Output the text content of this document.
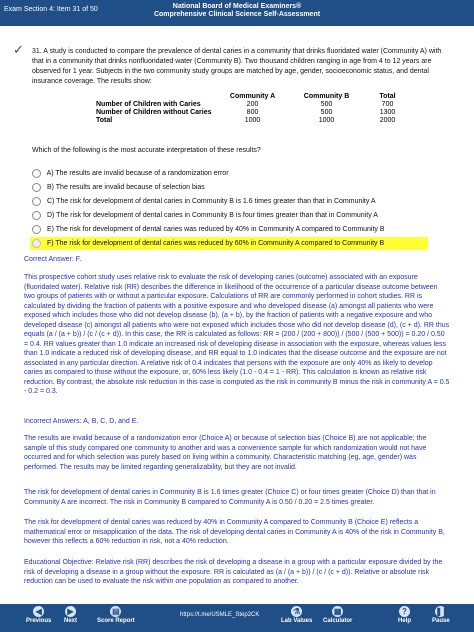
Exam Section 4: Item 31 of 50	National Board of Medical Examiners®
Comprehensive Clinical Science Self-Assessment
✓ 31. A study is conducted to compare the prevalence of dental caries in a community that drinks fluoridated water (Community A) with that in a community that drinks nonfluoridated water (Community B). Two thousand children ranging in age from 4 to 12 years are observed for 1 year. Subjects in the two community study groups are matched by age, gender, socioeconomic status, and dental insurance coverage. The results show:
	Community A	Community B	Total
Number of Children with Caries	200	500	700
Number of Children without Caries	800	500	1300
Total	1000	1000	2000
Which of the following is the most accurate interpretation of these results?
A) The results are invalid because of a randomization error
B) The results are invalid because of selection bias
C) The risk for development of dental caries in Community B is 1.6 times greater than that in Community A
D) The risk for development of dental caries in Community B is four times greater than that in Community A
E) The risk for development of dental caries was reduced by 40% in Community A compared to Community B
F) The risk for development of dental caries was reduced by 60% in Community A compared to Community B
Correct Answer: F.
This prospective cohort study uses relative risk to evaluate the risk of developing caries (outcome) associated with an exposure (fluoridated water). Relative risk (RR) describes the difference in likelihood of the occurrence of a particular disease outcome between two groups of patients with or without a particular exposure. Calculations of RR are commonly performed in cohort studies. RR is calculated by dividing the fraction of patients with a positive exposure and who developed disease (a) amongst all patients who were exposed which includes those who did not develop disease (b), (a + b), by the fraction of patients with a negative exposure and who developed disease (c) amongst all patients who were not exposed which includes those who did not develop disease (d), (c + d). RR thus equals (a / (a + b)) / (c / (c + d)). In this case, the RR is calculated as follows: RR = (200 / (200 + 800)) / (500 / (500 + 500)) = 0.20 / 0.50 = 0.4. RR values greater than 1.0 indicate an increased risk of developing disease in association with the exposure, whereas values less than 1.0 indicate a reduced risk of developing disease, and RR equal to 1.0 indicates that the disease outcome and the exposure are not associated in any particular direction. A relative risk of 0.4 indicates that persons with the exposure are only 40% as likely to develop caries as compared to those without the exposure, or, 60% less likely (1.0 - 0.4 = 1 - RR). This calculation is known as relative risk reduction. By contrast, the absolute risk reduction in this case is computed as the risk in community B minus the risk in community A = 0.5 - 0.2 = 0.3.
Incorrect Answers: A, B, C, D, and E.
The results are invalid because of a randomization error (Choice A) or because of selection bias (Choice B) are not applicable; the sample of this study compared one community to another and was a convenience sample for which randomization would not have occurred and for which selection was purely based on living within a community. Characteristic matching (eg, age, gender) was performed. The results may be limited regarding generalizability, but they are not invalid.
The risk for development of dental caries in Community B is 1.6 times greater (Choice C) or four times greater (Choice D) than that in Community A are incorrect. The risk in Community B compared to Community A is 0.50 / 0.20 = 2.5 times greater.
The risk for development of dental caries was reduced by 40% in Community A compared to Community B (Choice E) reflects a mathematical error or misapplication of the data. The risk of developing dental caries in Community A is 40% of the risk in Community B, however this reflects a 60% reduction in risk, not a 40% reduction.
Educational Objective: Relative risk (RR) describes the risk of developing a disease in a group with a particular exposure divided by the risk of developing a disease in a group without the exposure. RR is calculated as (a / (a + b)) / (c / (c + d)). Relative or absolute risk reduction can be used to evaluate the risk within one population as compared to another.
◀
Previous
▶
Next
▤
Score Report
https://t.me/USMLE_Step2CK	⚗
Lab Values
▦
Calculator
?
Help
❚❚
Pause
